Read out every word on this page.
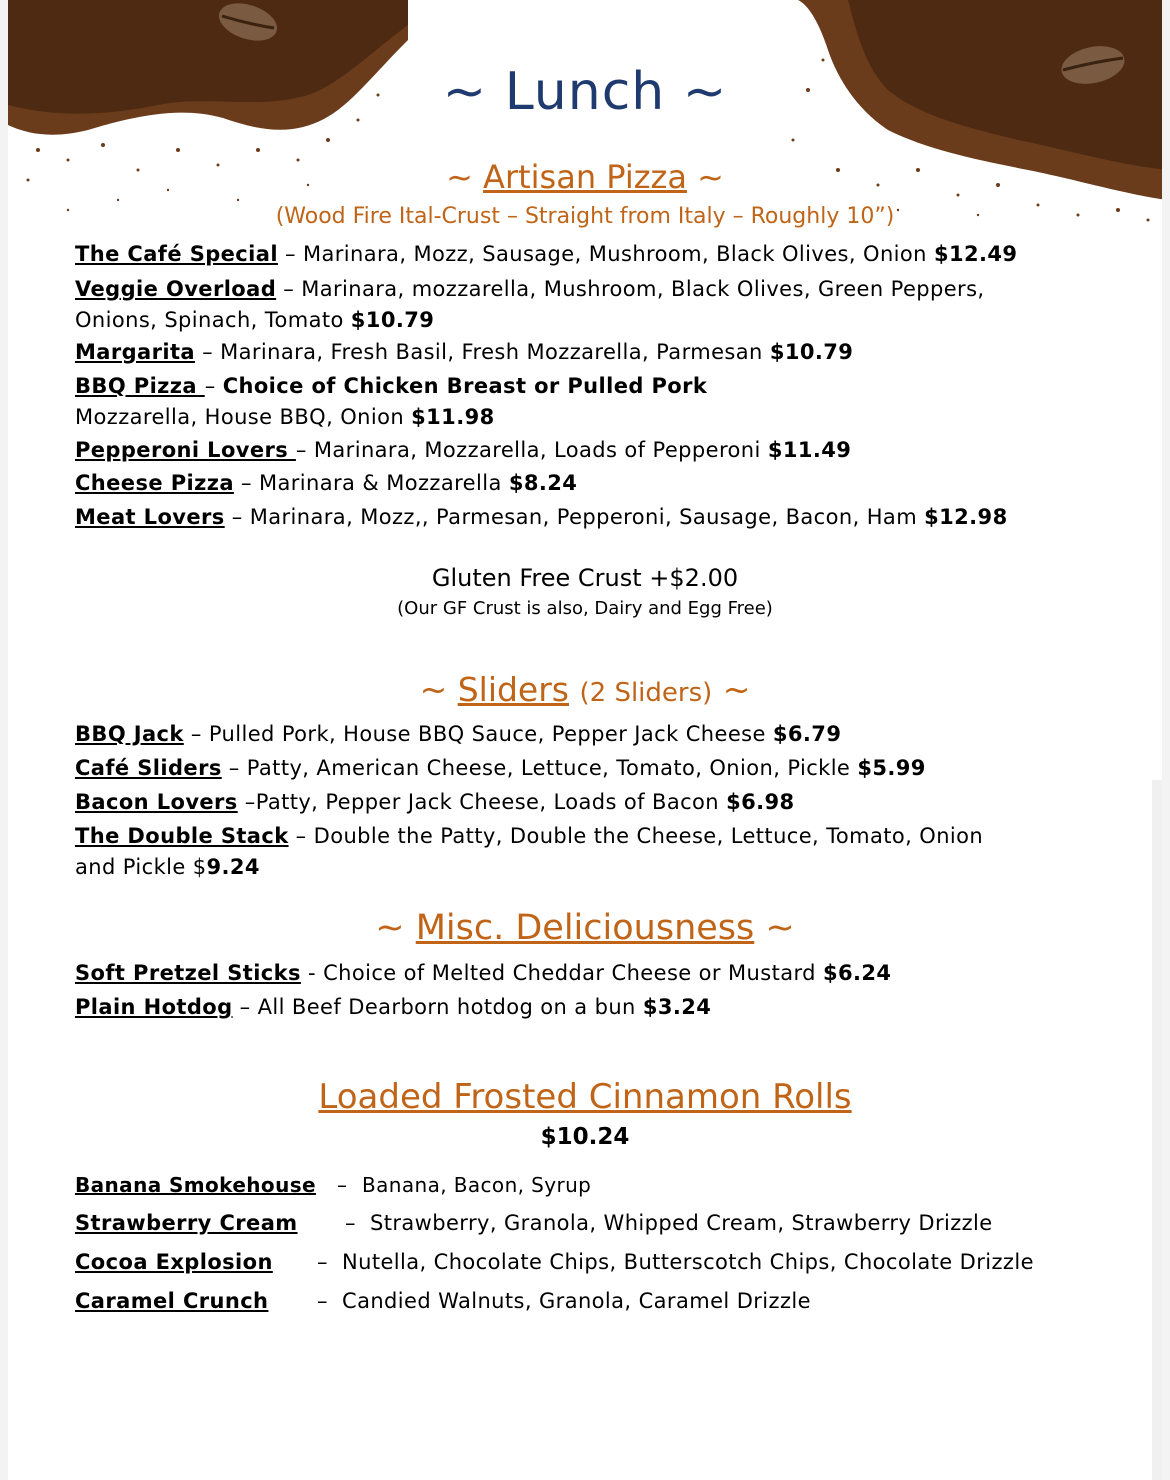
~ Lunch ~
~ Artisan Pizza ~
(Wood Fire Ital-Crust – Straight from Italy – Roughly 10”)
The Café Special – Marinara, Mozz, Sausage, Mushroom, Black Olives, Onion $12.49
Veggie Overload – Marinara, mozzarella, Mushroom, Black Olives, Green Peppers,
Onions, Spinach, Tomato $10.79
Margarita – Marinara, Fresh Basil, Fresh Mozzarella, Parmesan $10.79
BBQ Pizza – Choice of Chicken Breast or Pulled Pork
Mozzarella, House BBQ, Onion $11.98
Pepperoni Lovers – Marinara, Mozzarella, Loads of Pepperoni $11.49
Cheese Pizza – Marinara & Mozzarella $8.24
Meat Lovers – Marinara, Mozz,, Parmesan, Pepperoni, Sausage, Bacon, Ham $12.98
Gluten Free Crust +$2.00
(Our GF Crust is also, Dairy and Egg Free)
~ Sliders (2 Sliders) ~
BBQ Jack – Pulled Pork, House BBQ Sauce, Pepper Jack Cheese $6.79
Café Sliders – Patty, American Cheese, Lettuce, Tomato, Onion, Pickle $5.99
Bacon Lovers –Patty, Pepper Jack Cheese, Loads of Bacon $6.98
The Double Stack – Double the Patty, Double the Cheese, Lettuce, Tomato, Onion
and Pickle $9.24
~ Misc. Deliciousness ~
Soft Pretzel Sticks - Choice of Melted Cheddar Cheese or Mustard $6.24
Plain Hotdog – All Beef Dearborn hotdog on a bun $3.24
Loaded Frosted Cinnamon Rolls
$10.24
Banana Smokehouse – Banana, Bacon, Syrup
Strawberry Cream – Strawberry, Granola, Whipped Cream, Strawberry Drizzle
Cocoa Explosion – Nutella, Chocolate Chips, Butterscotch Chips, Chocolate Drizzle
Caramel Crunch – Candied Walnuts, Granola, Caramel Drizzle
